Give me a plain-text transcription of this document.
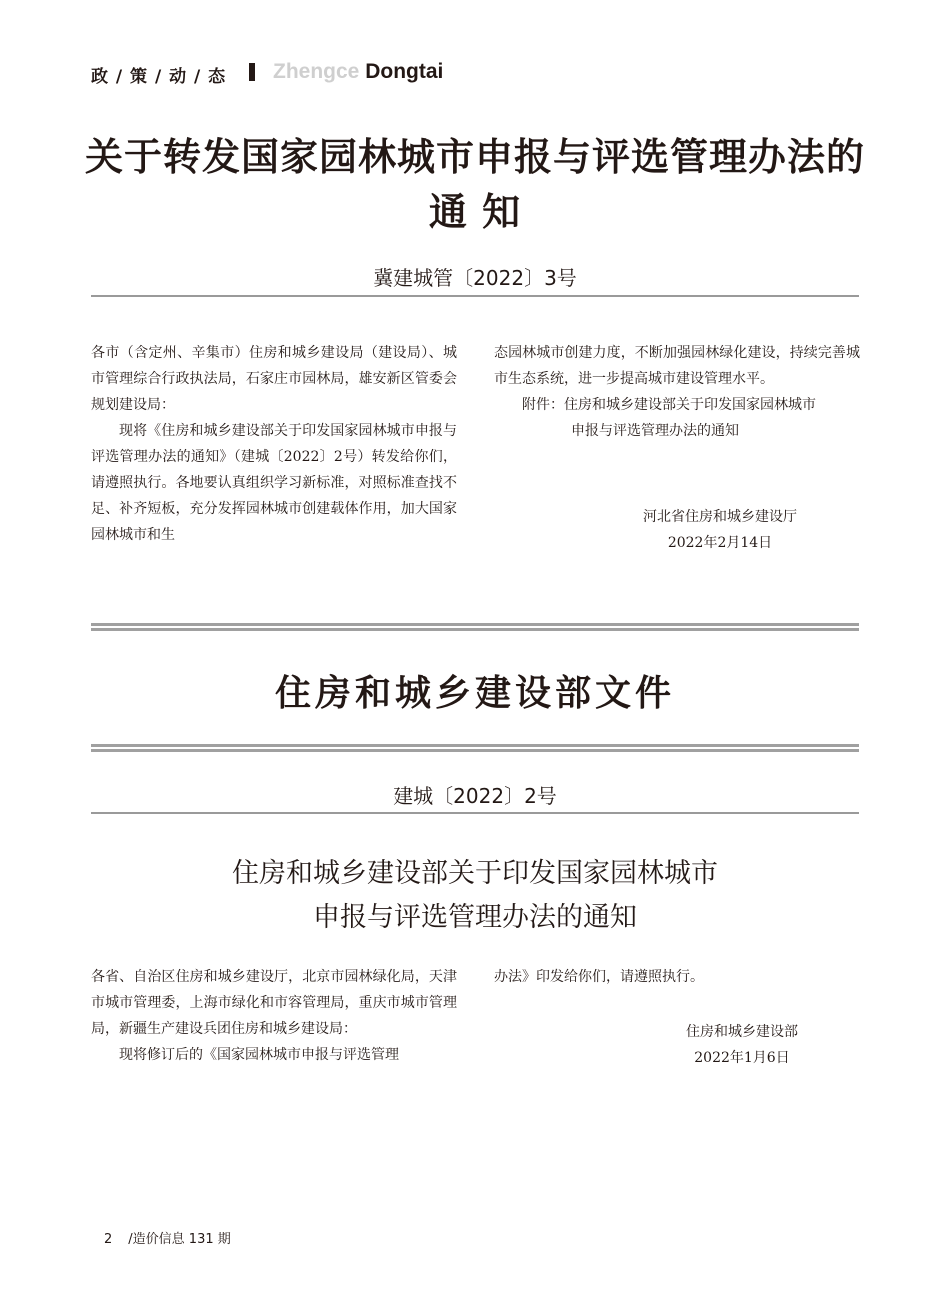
政 / 策 / 动 / 态 Zhengce Dongtai
关于转发国家园林城市申报与评选管理办法的
通 知
冀建城管〔2022〕3号

各市（含定州、辛集市）住房和城乡建设局（建设局）、城市管理综合行政执法局，石家庄市园林局，雄安新区管委会规划建设局：

现将《住房和城乡建设部关于印发国家园林城市申报与评选管理办法的通知》（建城〔2022〕2号）转发给你们，请遵照执行。各地要认真组织学习新标准，对照标准查找不足、补齐短板，充分发挥园林城市创建载体作用，加大国家园林城市和生

态园林城市创建力度，不断加强园林绿化建设，持续完善城市生态系统，进一步提高城市建设管理水平。

附件：住房和城乡建设部关于印发国家园林城市
申报与评选管理办法的通知

河北省住房和城乡建设厅
2022年2月14日
住房和城乡建设部文件
建城〔2022〕2号
住房和城乡建设部关于印发国家园林城市
申报与评选管理办法的通知

各省、自治区住房和城乡建设厅，北京市园林绿化局，天津市城市管理委，上海市绿化和市容管理局，重庆市城市管理局，新疆生产建设兵团住房和城乡建设局：

现将修订后的《国家园林城市申报与评选管理

办法》印发给你们，请遵照执行。

住房和城乡建设部
2022年1月6日
2 /造价信息 131 期
